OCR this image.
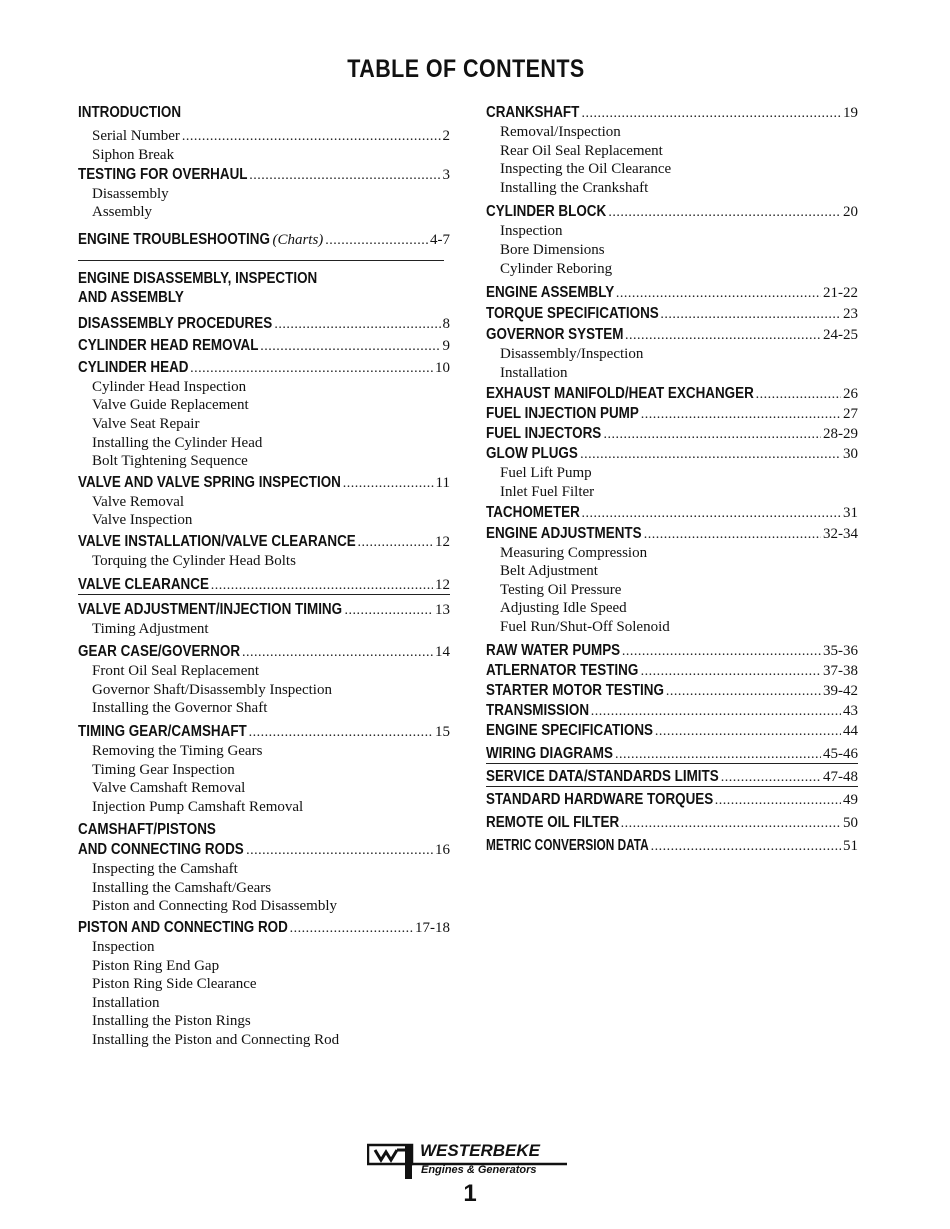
TABLE OF CONTENTS
INTRODUCTION
Serial Number .....	2
Siphon Break
TESTING FOR OVERHAUL .....	3
Disassembly
Assembly
ENGINE TROUBLESHOOTING (Charts) .....	4-7
ENGINE DISASSEMBLY, INSPECTION
AND ASSEMBLY
DISASSEMBLY PROCEDURES .....	8
CYLINDER HEAD REMOVAL .....	9
CYLINDER HEAD .....	10
Cylinder Head Inspection
Valve Guide Replacement
Valve Seat Repair
Installing the Cylinder Head
Bolt Tightening Sequence
VALVE AND VALVE SPRING INSPECTION .....	11
Valve Removal
Valve Inspection
VALVE INSTALLATION/VALVE CLEARANCE .....	12
Torquing the Cylinder Head Bolts
VALVE CLEARANCE .....	12
VALVE ADJUSTMENT/INJECTION TIMING .....	13
Timing Adjustment
GEAR CASE/GOVERNOR .....	14
Front Oil Seal Replacement
Governor Shaft/Disassembly Inspection
Installing the Governor Shaft
TIMING GEAR/CAMSHAFT .....	15
Removing the Timing Gears
Timing Gear Inspection
Valve Camshaft Removal
Injection Pump Camshaft Removal
CAMSHAFT/PISTONS
AND CONNECTING RODS .....	16
Inspecting the Camshaft
Installing the Camshaft/Gears
Piston and Connecting Rod Disassembly
PISTON AND CONNECTING ROD .....	17-18
Inspection
Piston Ring End Gap
Piston Ring Side Clearance
Installation
Installing the Piston Rings
Installing the Piston and Connecting Rod
CRANKSHAFT .....	19
Removal/Inspection
Rear Oil Seal Replacement
Inspecting the Oil Clearance
Installing the Crankshaft
CYLINDER BLOCK .....	20
Inspection
Bore Dimensions
Cylinder Reboring
ENGINE ASSEMBLY .....	21-22
TORQUE SPECIFICATIONS .....	23
GOVERNOR SYSTEM .....	24-25
Disassembly/Inspection
Installation
EXHAUST MANIFOLD/HEAT EXCHANGER .....	26
FUEL INJECTION PUMP .....	27
FUEL INJECTORS .....	28-29
GLOW PLUGS .....	30
Fuel Lift Pump
Inlet Fuel Filter
TACHOMETER .....	31
ENGINE ADJUSTMENTS .....	32-34
Measuring Compression
Belt Adjustment
Testing Oil Pressure
Adjusting Idle Speed
Fuel Run/Shut-Off Solenoid
RAW WATER PUMPS .....	35-36
ATLERNATOR TESTING .....	37-38
STARTER MOTOR TESTING .....	39-42
TRANSMISSION .....	43
ENGINE SPECIFICATIONS .....	44
WIRING DIAGRAMS .....	45-46
SERVICE DATA/STANDARDS LIMITS .....	47-48
STANDARD HARDWARE TORQUES .....	49
REMOTE OIL FILTER .....	50
METRIC CONVERSION DATA .....	51
WESTERBEKE
Engines & Generators
1
